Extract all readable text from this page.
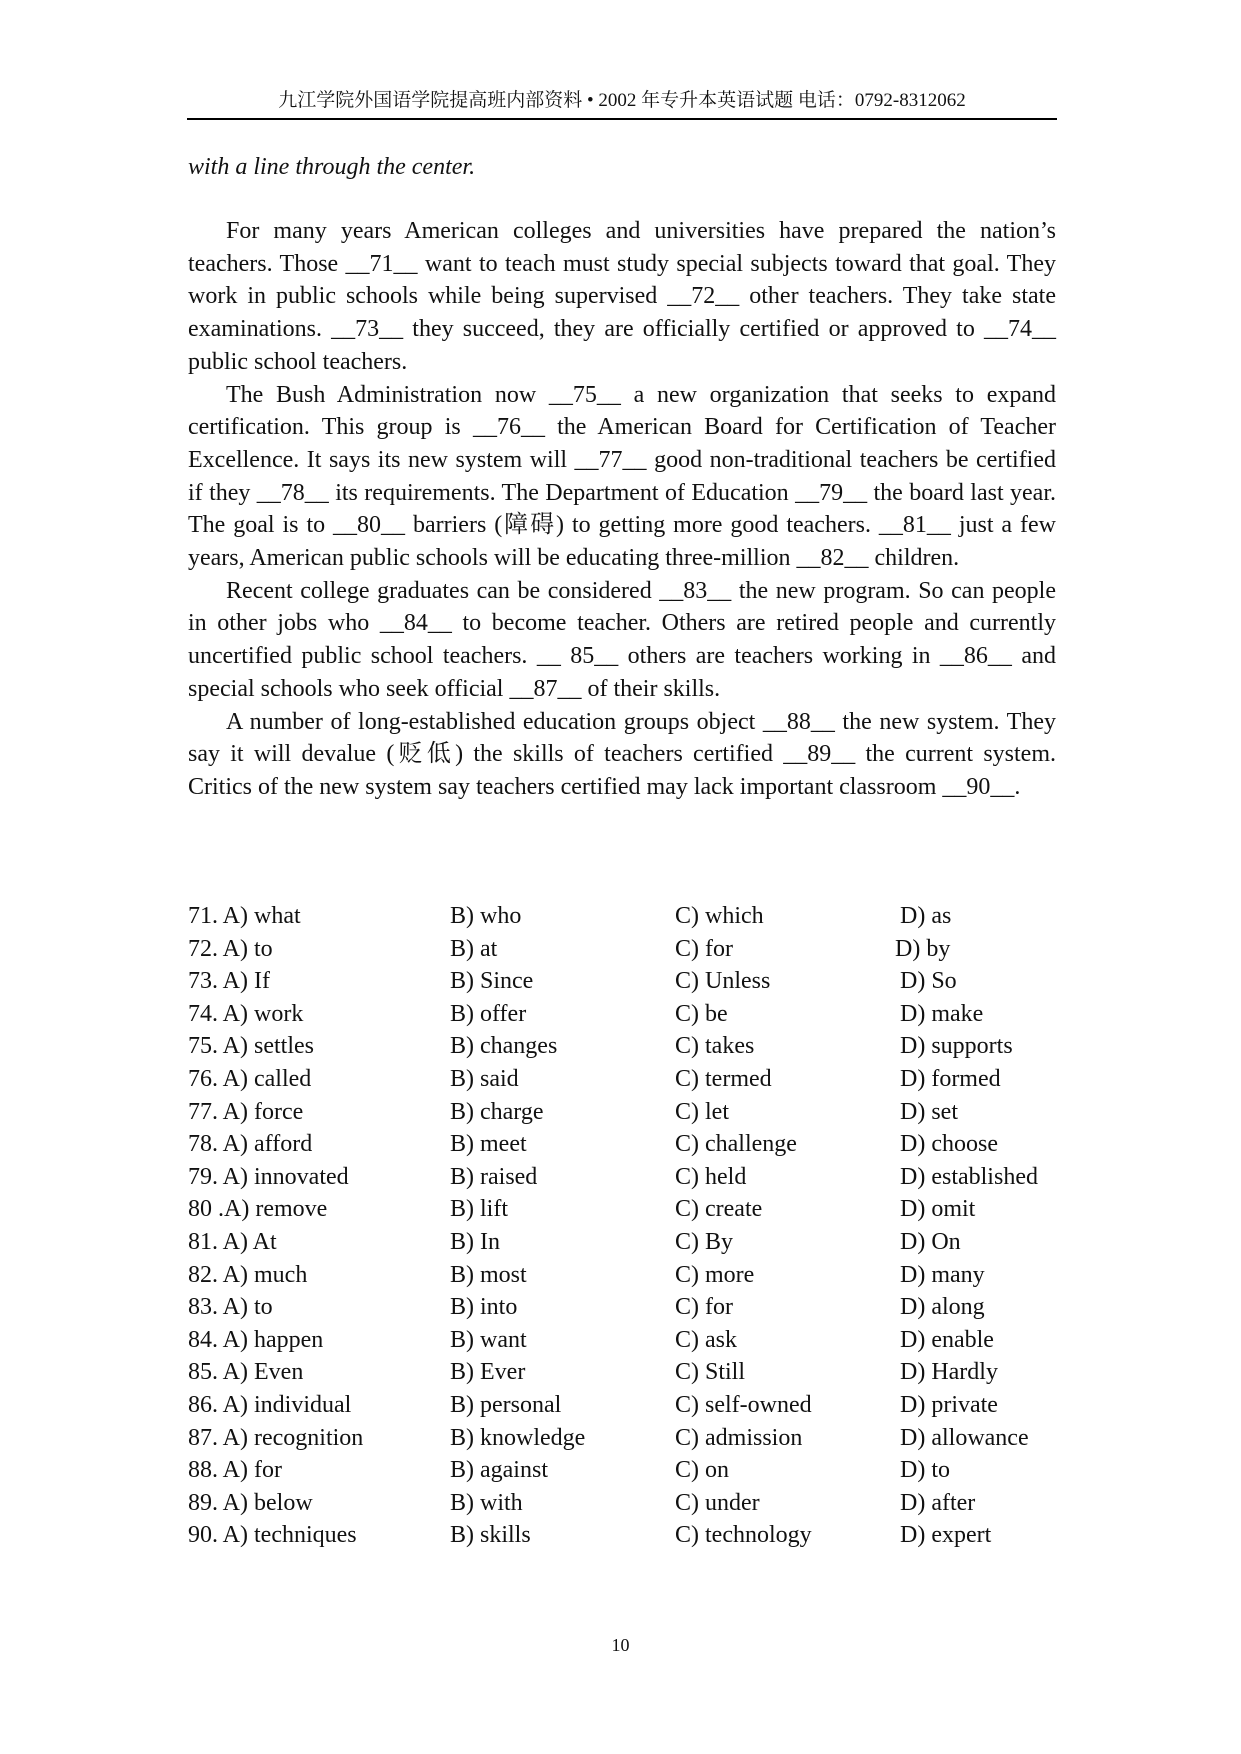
九江学院外国语学院提高班内部资料 • 2002 年专升本英语试题 电话：0792-8312062
with a line through the center.

For many years American colleges and universities have prepared the nation’s teachers. Those __71__ want to teach must study special subjects toward that goal. They work in public schools while being supervised __72__ other teachers. They take state examinations. __73__ they succeed, they are officially certified or approved to __74__ public school teachers.

The Bush Administration now __75__ a new organization that seeks to expand certification. This group is __76__ the American Board for Certification of Teacher Excellence. It says its new system will __77__ good non-traditional teachers be certified if they __78__ its requirements. The Department of Education __79__ the board last year. The goal is to __80__ barriers (障碍) to getting more good teachers. __81__ just a few years, American public schools will be educating three-million __82__ children.

Recent college graduates can be considered __83__ the new program. So can people in other jobs who __84__ to become teacher. Others are retired people and currently uncertified public school teachers. __ 85__ others are teachers working in __86__ and special schools who seek official __87__ of their skills.

A number of long-established education groups object __88__ the new system. They say it will devalue (贬低) the skills of teachers certified __89__ the current system. Critics of the new system say teachers certified may lack important classroom __90__.

71. A) what	B) who	C) which	D) as
72. A) to	B) at	C) for	D) by
73. A) If	B) Since	C) Unless	D) So
74. A) work	B) offer	C) be	D) make
75. A) settles	B) changes	C) takes	D) supports
76. A) called	B) said	C) termed	D) formed
77. A) force	B) charge	C) let	D) set
78. A) afford	B) meet	C) challenge	D) choose
79. A) innovated	B) raised	C) held	D) established
80 .A) remove	B) lift	C) create	D) omit
81. A) At	B) In	C) By	D) On
82. A) much	B) most	C) more	D) many
83. A) to	B) into	C) for	D) along
84. A) happen	B) want	C) ask	D) enable
85. A) Even	B) Ever	C) Still	D) Hardly
86. A) individual	B) personal	C) self-owned	D) private
87. A) recognition	B) knowledge	C) admission	D) allowance
88. A) for	B) against	C) on	D) to
89. A) below	B) with	C) under	D) after
90. A) techniques	B) skills	C) technology	D) expert
10
